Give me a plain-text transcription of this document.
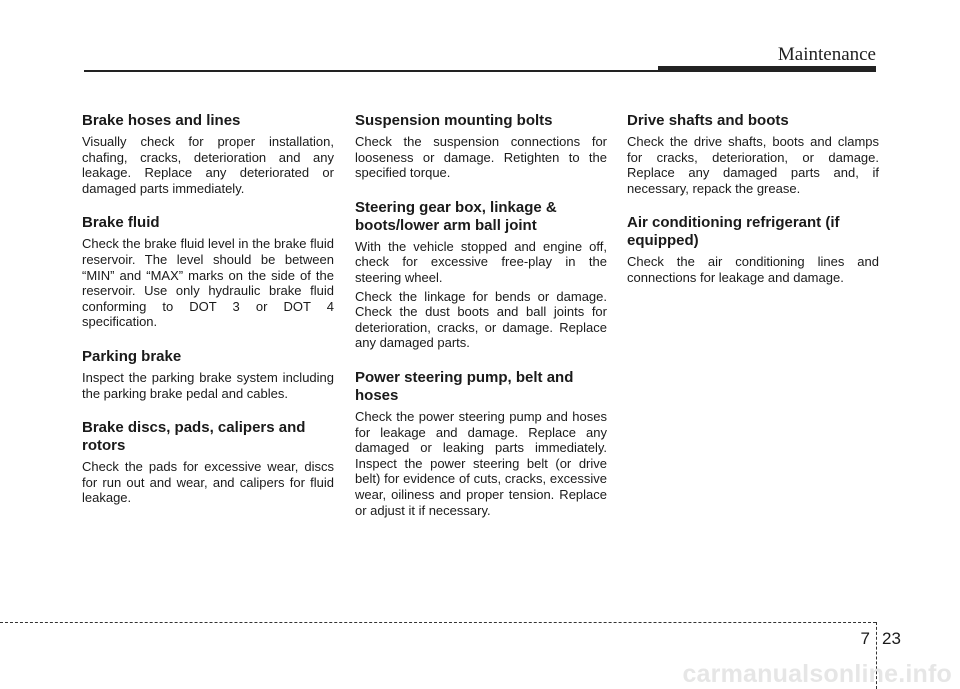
Maintenance
Brake hoses and lines

Visually check for proper installation, chafing, cracks, deterioration and any leakage. Replace any deteriorated or damaged parts immediately.

Brake fluid

Check the brake fluid level in the brake fluid reservoir. The level should be between “MIN” and “MAX” marks on the side of the reservoir. Use only hydraulic brake fluid conforming to DOT 3 or DOT 4 specification.

Parking brake

Inspect the parking brake system including the parking brake pedal and cables.

Brake discs, pads, calipers and rotors

Check the pads for excessive wear, discs for run out and wear, and calipers for fluid leakage.

Suspension mounting bolts

Check the suspension connections for looseness or damage. Retighten to the specified torque.

Steering gear box, linkage & boots/lower arm ball joint

With the vehicle stopped and engine off, check for excessive free-play in the steering wheel.

Check the linkage for bends or damage. Check the dust boots and ball joints for deterioration, cracks, or damage. Replace any damaged parts.

Power steering pump, belt and hoses

Check the power steering pump and hoses for leakage and damage. Replace any damaged or leaking parts immediately. Inspect the power steering belt (or drive belt) for evidence of cuts, cracks, excessive wear, oiliness and proper tension. Replace or adjust it if necessary.

Drive shafts and boots

Check the drive shafts, boots and clamps for cracks, deterioration, or damage. Replace any damaged parts and, if necessary, repack the grease.

Air conditioning refrigerant (if equipped)

Check the air conditioning lines and connections for leakage and damage.

7 23
carmanualsonline.info
